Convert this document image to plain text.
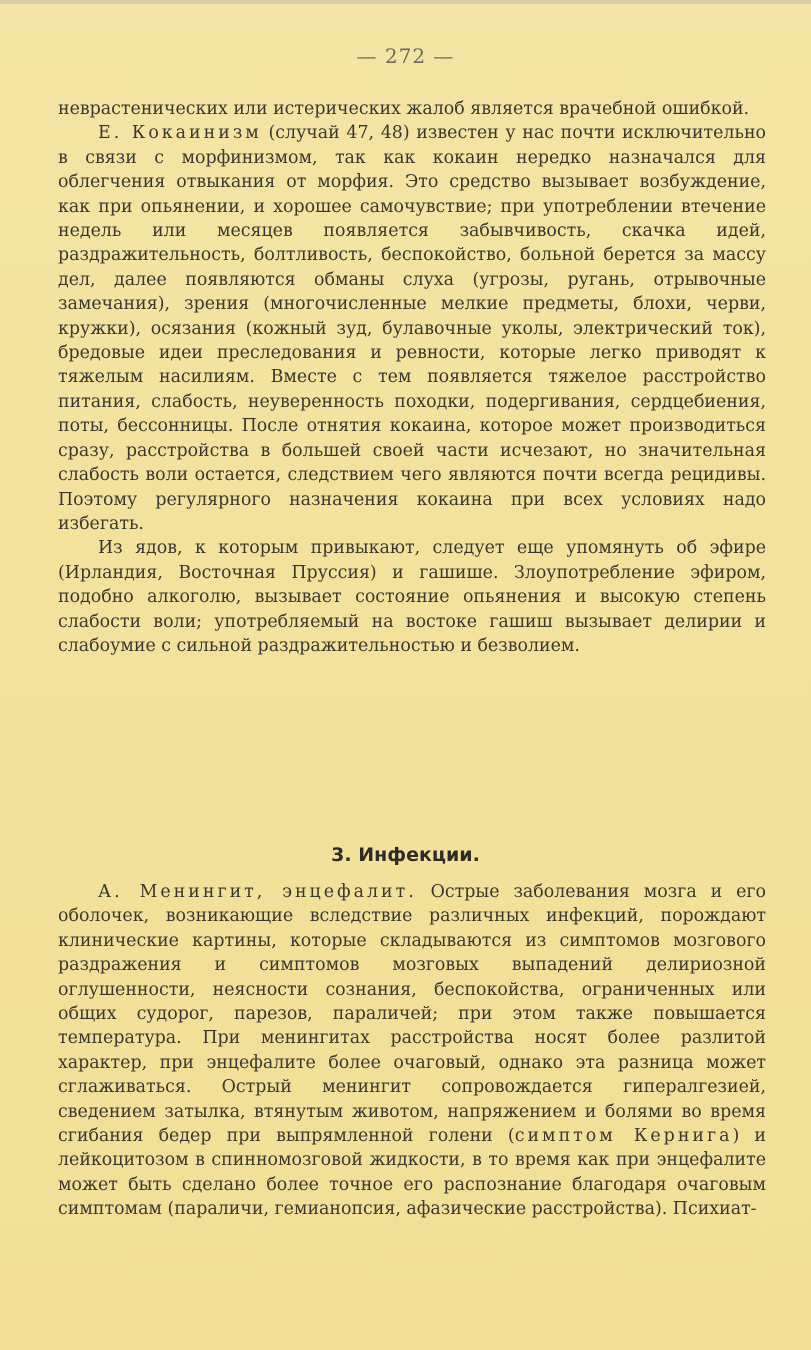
— 272 —

неврастенических или истерических жалоб является врачебной ошибкой.

Е. Кокаинизм (случай 47, 48) известен у нас почти исключительно в связи с морфинизмом, так как кокаин нередко назначался для облегчения отвыкания от морфия. Это средство вызывает возбуждение, как при опьянении, и хорошее самочувствие; при употреблении втечение недель или месяцев появляется забывчивость, скачка идей, раздражительность, болтливость, беспокойство, больной берется за массу дел, далее появляются обманы слуха (угрозы, ругань, отрывочные замечания), зрения (многочисленные мелкие предметы, блохи, черви, кружки), осязания (кожный зуд, булавочные уколы, электрический ток), бредовые идеи преследования и ревности, которые легко приводят к тяжелым насилиям. Вместе с тем появляется тяжелое расстройство питания, слабость, неуверенность походки, подергивания, сердцебиения, поты, бессонницы. После отнятия кокаина, которое может производиться сразу, расстройства в большей своей части исчезают, но значительная слабость воли остается, следствием чего являются почти всегда рецидивы. Поэтому регулярного назначения кокаина при всех условиях надо избегать.

Из ядов, к которым привыкают, следует еще упомянуть об эфире (Ирландия, Восточная Пруссия) и гашише. Злоупотребление эфиром, подобно алкоголю, вызывает состояние опьянения и высокую степень слабости воли; употребляемый на востоке гашиш вызывает делирии и слабоумие с сильной раздражительностью и безволием.

3. Инфекции.

А. Менингит, энцефалит. Острые заболевания мозга и его оболочек, возникающие вследствие различных инфекций, порождают клинические картины, которые складываются из симптомов мозгового раздражения и симптомов мозговых выпадений делириозной оглушенности, неясности сознания, беспокойства, ограниченных или общих судорог, парезов, параличей; при этом также повышается температура. При менингитах расстройства носят более разлитой характер, при энцефалите более очаговый, однако эта разница может сглаживаться. Острый менингит сопровождается гипералгезией, сведением затылка, втянутым животом, напряжением и болями во время сгибания бедер при выпрямленной голени (симптом Кернига) и лейкоцитозом в спинномозговой жидкости, в то время как при энцефалите может быть сделано более точное его распознание благодаря очаговым симптомам (параличи, гемианопсия, афазические расстройства). Психиат-
